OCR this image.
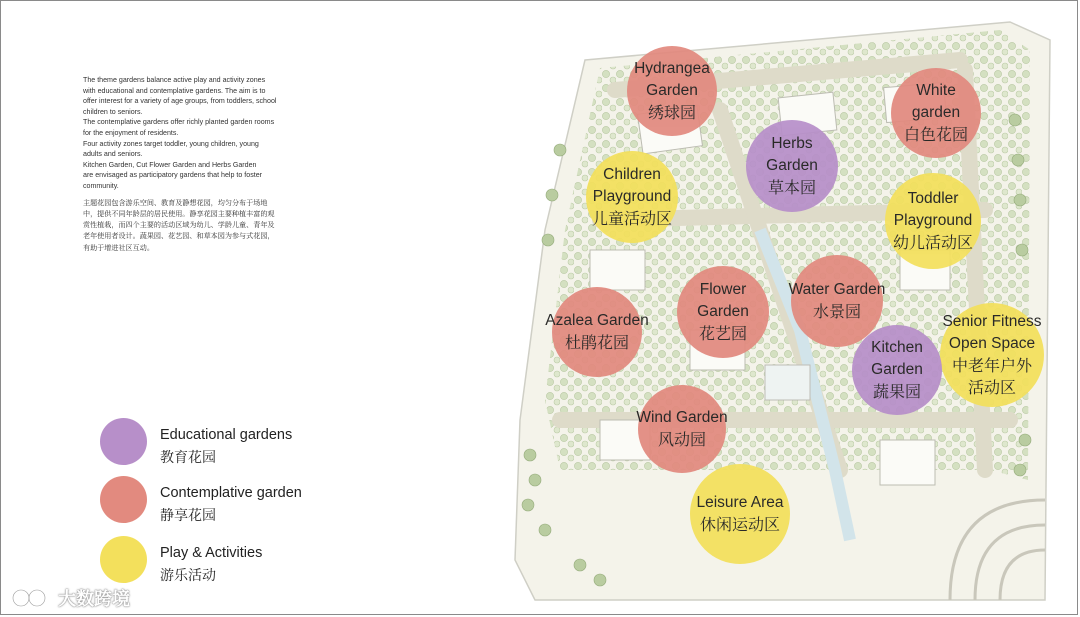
The theme gardens balance active play and activity zones

with educational and contemplative gardens. The aim is to

offer interest for a variety of age groups, from toddlers, school

children to seniors.

The contemplative gardens offer richly planted garden rooms

for the enjoyment of residents.

Four activity zones target toddler, young children, young

adults and seniors.

Kitchen Garden, Cut Flower Garden and Herbs Garden

are envisaged as participatory gardens that help to foster

community.

主题花园包含游乐空间、教育及静想花园，均匀分布于场地

中，提供不同年龄层的居民使用。静享花园主要种植丰富的观

赏性植栽，而四个主要的活动区域为幼儿、学龄儿童、青年及

老年使用者设计。蔬果园、花艺园、和草本园为参与式花园，

有助于增进社区互动。

Hydrangea
Garden
绣球园
White
garden
白色花园
Herbs
Garden
草本园
Children
Playground
儿童活动区
Toddler
Playground
幼儿活动区
Flower
Garden
花艺园
Water Garden
水景园
Azalea Garden
杜鹃花园
Senior Fitness
Open Space
中老年户外
活动区
Kitchen
Garden
蔬果园
Wind Garden
风动园
Leisure Area
休闲运动区
Educational gardens
教育花园
Contemplative garden
静享花园
Play & Activities
游乐活动
大数跨境
